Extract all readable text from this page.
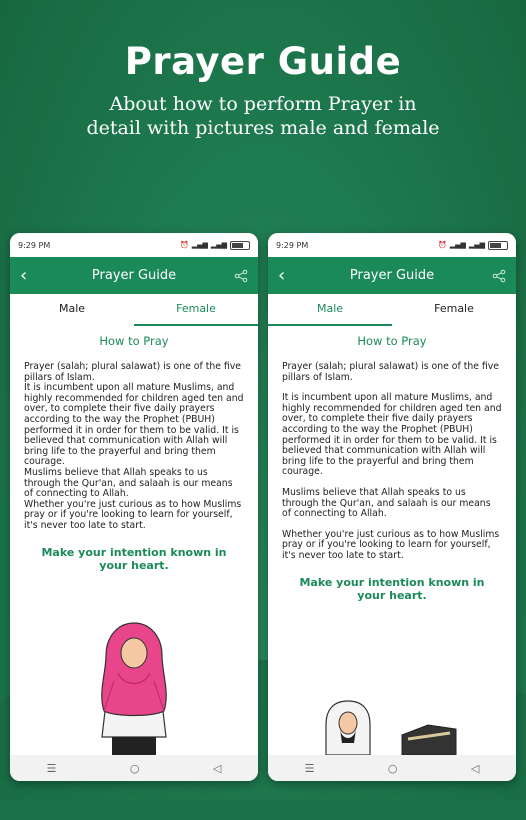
Prayer Guide
About how to perform Prayer in
detail with pictures male and female
9:29 PM	⏰ ▂▄▆ ▂▄▆
‹	Prayer Guide
Male	Female
How to Pray

Prayer (salah; plural salawat) is one of the five pillars of Islam.

It is incumbent upon all mature Muslims, and highly recommended for children aged ten and over, to complete their five daily prayers according to the way the Prophet (PBUH) performed it in order for them to be valid. It is believed that communication with Allah will bring life to the prayerful and bring them courage.

Muslims believe that Allah speaks to us through the Qur'an, and salaah is our means of connecting to Allah.

Whether you're just curious as to how Muslims pray or if you're looking to learn for yourself, it's never too late to start.

Make your intention known in your heart.
☰	○	◁
9:29 PM	⏰ ▂▄▆ ▂▄▆
‹	Prayer Guide
Male	Female
How to Pray

Prayer (salah; plural salawat) is one of the five pillars of Islam.

It is incumbent upon all mature Muslims, and highly recommended for children aged ten and over, to complete their five daily prayers according to the way the Prophet (PBUH) performed it in order for them to be valid. It is believed that communication with Allah will bring life to the prayerful and bring them courage.

Muslims believe that Allah speaks to us through the Qur'an, and salaah is our means of connecting to Allah.

Whether you're just curious as to how Muslims pray or if you're looking to learn for yourself, it's never too late to start.

Make your intention known in your heart.
☰	○	◁
